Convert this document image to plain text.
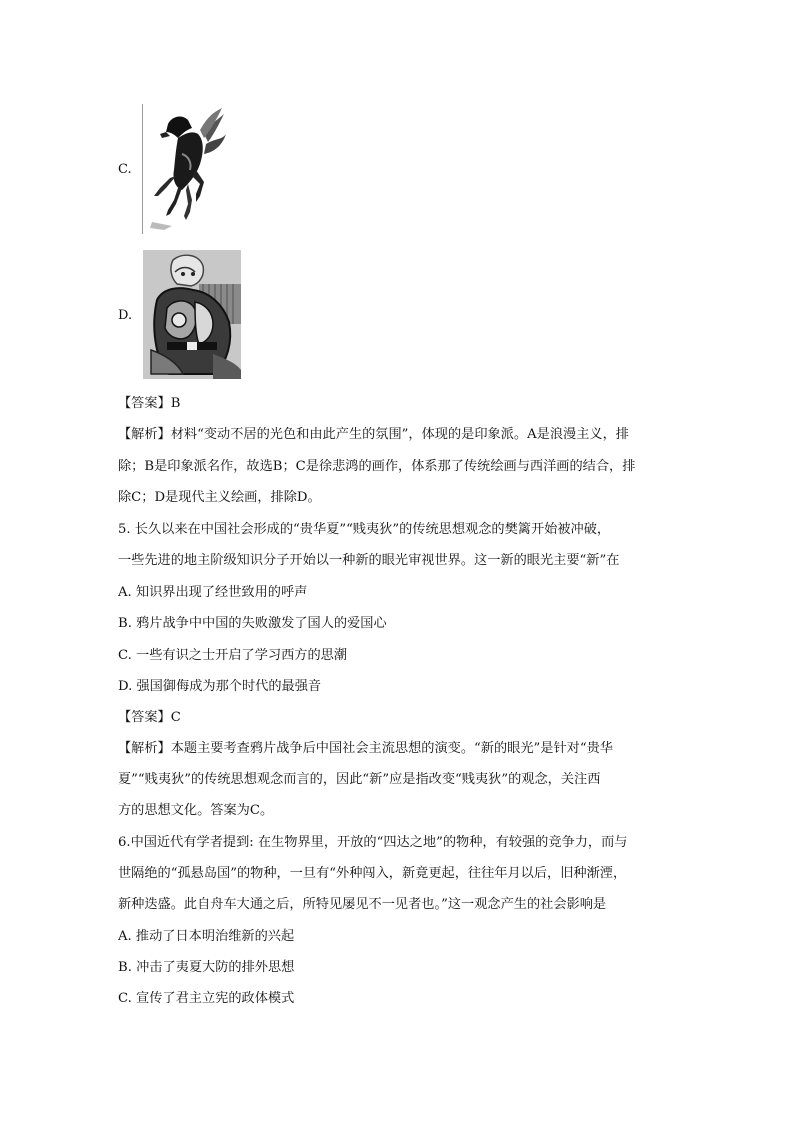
C.
D.
【答案】B
【解析】材料“变动不居的光色和由此产生的氛围”，体现的是印象派。A是浪漫主义，排
除；B是印象派名作，故选B；C是徐悲鸿的画作，体系那了传统绘画与西洋画的结合，排
除C；D是现代主义绘画，排除D。
5. 长久以来在中国社会形成的“贵华夏”“贱夷狄”的传统思想观念的樊篱开始被冲破，
一些先进的地主阶级知识分子开始以一种新的眼光审视世界。这一新的眼光主要“新”在
A. 知识界出现了经世致用的呼声
B. 鸦片战争中中国的失败激发了国人的爱国心
C. 一些有识之士开启了学习西方的思潮
D. 强国御侮成为那个时代的最强音
【答案】C
【解析】本题主要考查鸦片战争后中国社会主流思想的演变。“新的眼光”是针对“贵华
夏”“贱夷狄”的传统思想观念而言的，因此“新”应是指改变“贱夷狄”的观念，关注西
方的思想文化。答案为C。
6.中国近代有学者提到: 在生物界里，开放的“四达之地”的物种，有较强的竞争力，而与
世隔绝的“孤悬岛国”的物种，一旦有“外种闯入，新竟更起，往往年月以后，旧种渐湮，
新种迭盛。此自舟车大通之后，所特见屡见不一见者也。”这一观念产生的社会影响是
A. 推动了日本明治维新的兴起
B. 冲击了夷夏大防的排外思想
C. 宣传了君主立宪的政体模式
